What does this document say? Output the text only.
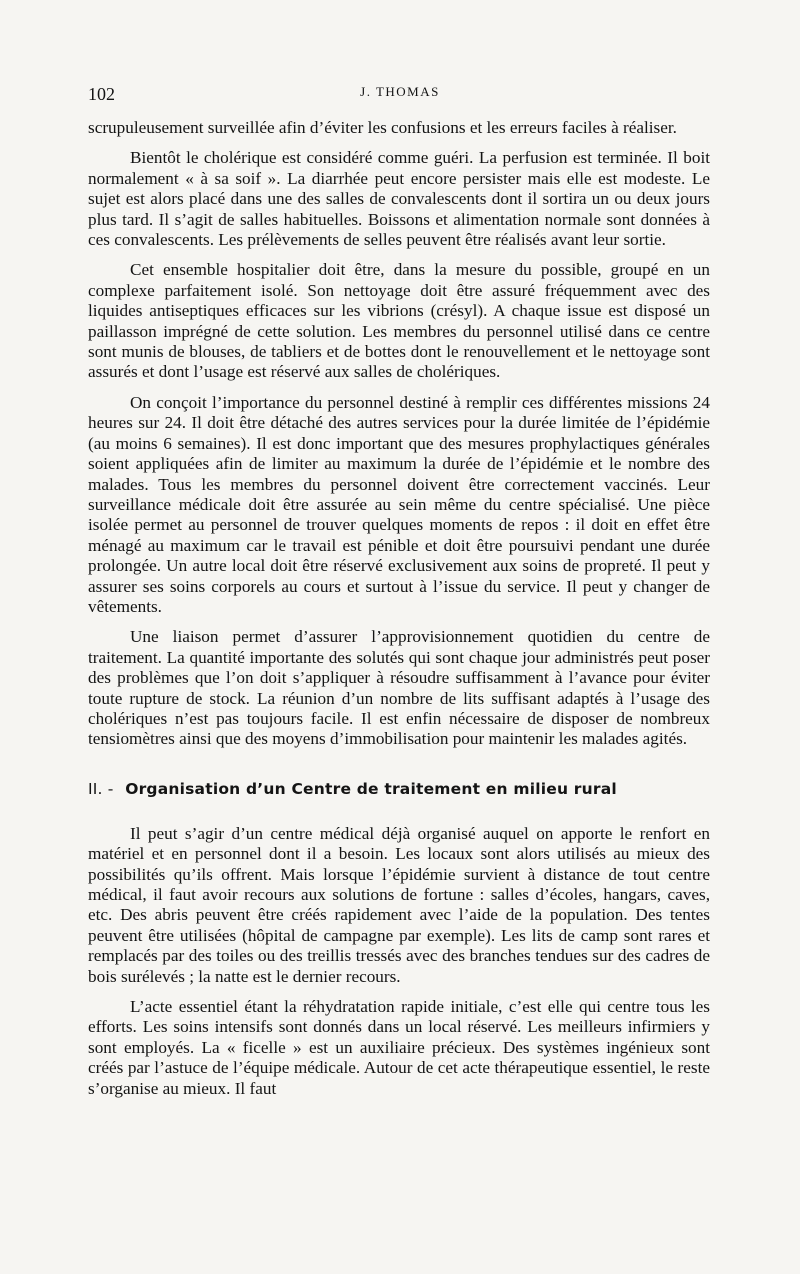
102	J. THOMAS

scrupuleusement surveillée afin d’éviter les confusions et les erreurs faciles à réaliser.

Bientôt le cholérique est considéré comme guéri. La perfusion est terminée. Il boit normalement « à sa soif ». La diarrhée peut encore persister mais elle est modeste. Le sujet est alors placé dans une des salles de convalescents dont il sortira un ou deux jours plus tard. Il s’agit de salles habituelles. Boissons et alimentation normale sont données à ces convalescents. Les prélèvements de selles peuvent être réalisés avant leur sortie.

Cet ensemble hospitalier doit être, dans la mesure du possible, groupé en un complexe parfaitement isolé. Son nettoyage doit être assuré fréquemment avec des liquides antiseptiques efficaces sur les vibrions (crésyl). A chaque issue est disposé un paillasson imprégné de cette solution. Les membres du personnel utilisé dans ce centre sont munis de blouses, de tabliers et de bottes dont le renouvellement et le nettoyage sont assurés et dont l’usage est réservé aux salles de cholériques.

On conçoit l’importance du personnel destiné à remplir ces différentes missions 24 heures sur 24. Il doit être détaché des autres services pour la durée limitée de l’épidémie (au moins 6 semaines). Il est donc important que des mesures prophylactiques générales soient appliquées afin de limiter au maximum la durée de l’épidémie et le nombre des malades. Tous les membres du personnel doivent être correctement vaccinés. Leur surveillance médicale doit être assurée au sein même du centre spécialisé. Une pièce isolée permet au personnel de trouver quelques moments de repos : il doit en effet être ménagé au maximum car le travail est pénible et doit être poursuivi pendant une durée prolongée. Un autre local doit être réservé exclusivement aux soins de propreté. Il peut y assurer ses soins corporels au cours et surtout à l’issue du service. Il peut y changer de vêtements.

Une liaison permet d’assurer l’approvisionnement quotidien du centre de traitement. La quantité importante des solutés qui sont chaque jour administrés peut poser des problèmes que l’on doit s’appliquer à résoudre suffisamment à l’avance pour éviter toute rupture de stock. La réunion d’un nombre de lits suffisant adaptés à l’usage des cholériques n’est pas toujours facile. Il est enfin nécessaire de disposer de nombreux tensiomètres ainsi que des moyens d’immobilisation pour maintenir les malades agités.

II. - Organisation d’un Centre de traitement en milieu rural

Il peut s’agir d’un centre médical déjà organisé auquel on apporte le renfort en matériel et en personnel dont il a besoin. Les locaux sont alors utilisés au mieux des possibilités qu’ils offrent. Mais lorsque l’épidémie survient à distance de tout centre médical, il faut avoir recours aux solutions de fortune : salles d’écoles, hangars, caves, etc. Des abris peuvent être créés rapidement avec l’aide de la population. Des tentes peuvent être utilisées (hôpital de campagne par exemple). Les lits de camp sont rares et remplacés par des toiles ou des treillis tressés avec des branches tendues sur des cadres de bois surélevés ; la natte est le dernier recours.

L’acte essentiel étant la réhydratation rapide initiale, c’est elle qui centre tous les efforts. Les soins intensifs sont donnés dans un local réservé. Les meilleurs infirmiers y sont employés. La « ficelle » est un auxiliaire précieux. Des systèmes ingénieux sont créés par l’astuce de l’équipe médicale. Autour de cet acte thérapeutique essentiel, le reste s’organise au mieux. Il faut
